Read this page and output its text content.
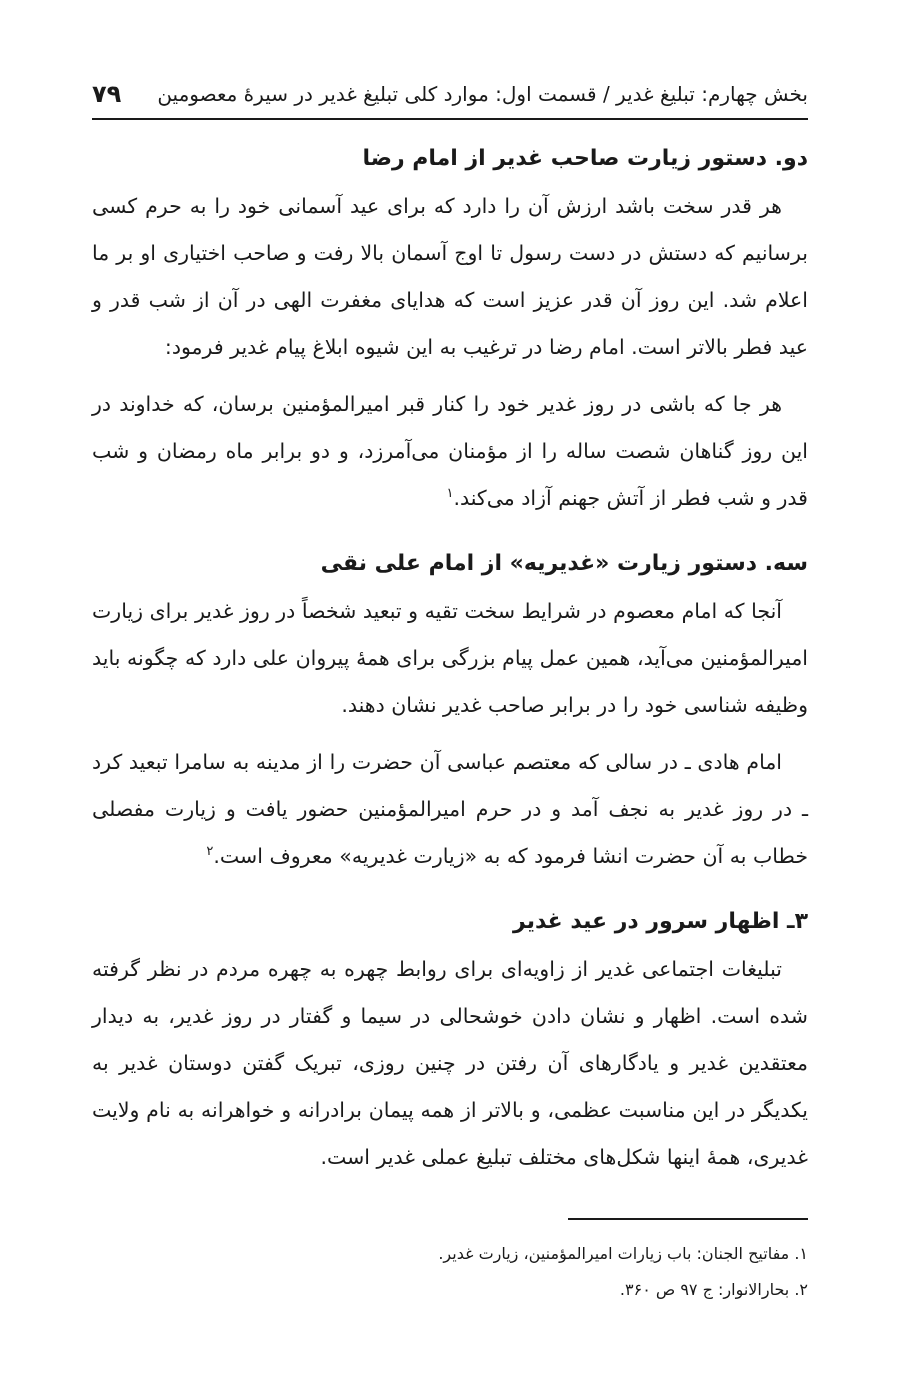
بخش چهارم: تبلیغ غدیر / قسمت اول: موارد کلی تبلیغ غدیر در سیرۀ معصومین
۷۹
دو. دستور زیارت صاحب غدیر از امام رضا

هر قدر سخت باشد ارزش آن را دارد که برای عید آسمانی خود را به حرم کسی برسانیم که دستش در دست رسول تا اوج آسمان بالا رفت و صاحب اختیاری او بر ما اعلام شد. این روز آن قدر عزیز است که هدایای مغفرت الهی در آن از شب قدر و عید فطر بالاتر است. امام رضا در ترغیب به این شیوه ابلاغ پیام غدیر فرمود:

هر جا که باشی در روز غدیر خود را کنار قبر امیرالمؤمنین برسان، که خداوند در این روز گناهان شصت ساله را از مؤمنان می‌آمرزد، و دو برابر ماه رمضان و شب قدر و شب فطر از آتش جهنم آزاد می‌کند.$^۱$

سه. دستور زیارت «غدیریه» از امام علی نقی

آنجا که امام معصوم در شرایط سخت تقیه و تبعید شخصاً در روز غدیر برای زیارت امیرالمؤمنین می‌آید، همین عمل پیام بزرگی برای همۀ پیروان علی دارد که چگونه باید وظیفه شناسی خود را در برابر صاحب غدیر نشان دهند.

امام هادی ـ در سالی که معتصم عباسی آن حضرت را از مدینه به سامرا تبعید کرد ـ در روز غدیر به نجف آمد و در حرم امیرالمؤمنین حضور یافت و زیارت مفصلی خطاب به آن حضرت انشا فرمود که به «زیارت غدیریه» معروف است.$^۲$

۳ـ اظهار سرور در عید غدیر

تبلیغات اجتماعی غدیر از زاویه‌ای برای روابط چهره به چهره مردم در نظر گرفته شده است. اظهار و نشان دادن خوشحالی در سیما و گفتار در روز غدیر، به دیدار معتقدین غدیر و یادگارهای آن رفتن در چنین روزی، تبریک گفتن دوستان غدیر به یکدیگر در این مناسبت عظمی، و بالاتر از همه پیمان برادرانه و خواهرانه به نام ولایت غدیری، همۀ اینها شکل‌های مختلف تبلیغ عملی غدیر است.

۱. مفاتیح الجنان: باب زیارات امیرالمؤمنین، زیارت غدیر.

۲. بحارالانوار: ج ۹۷ ص ۳۶۰.
